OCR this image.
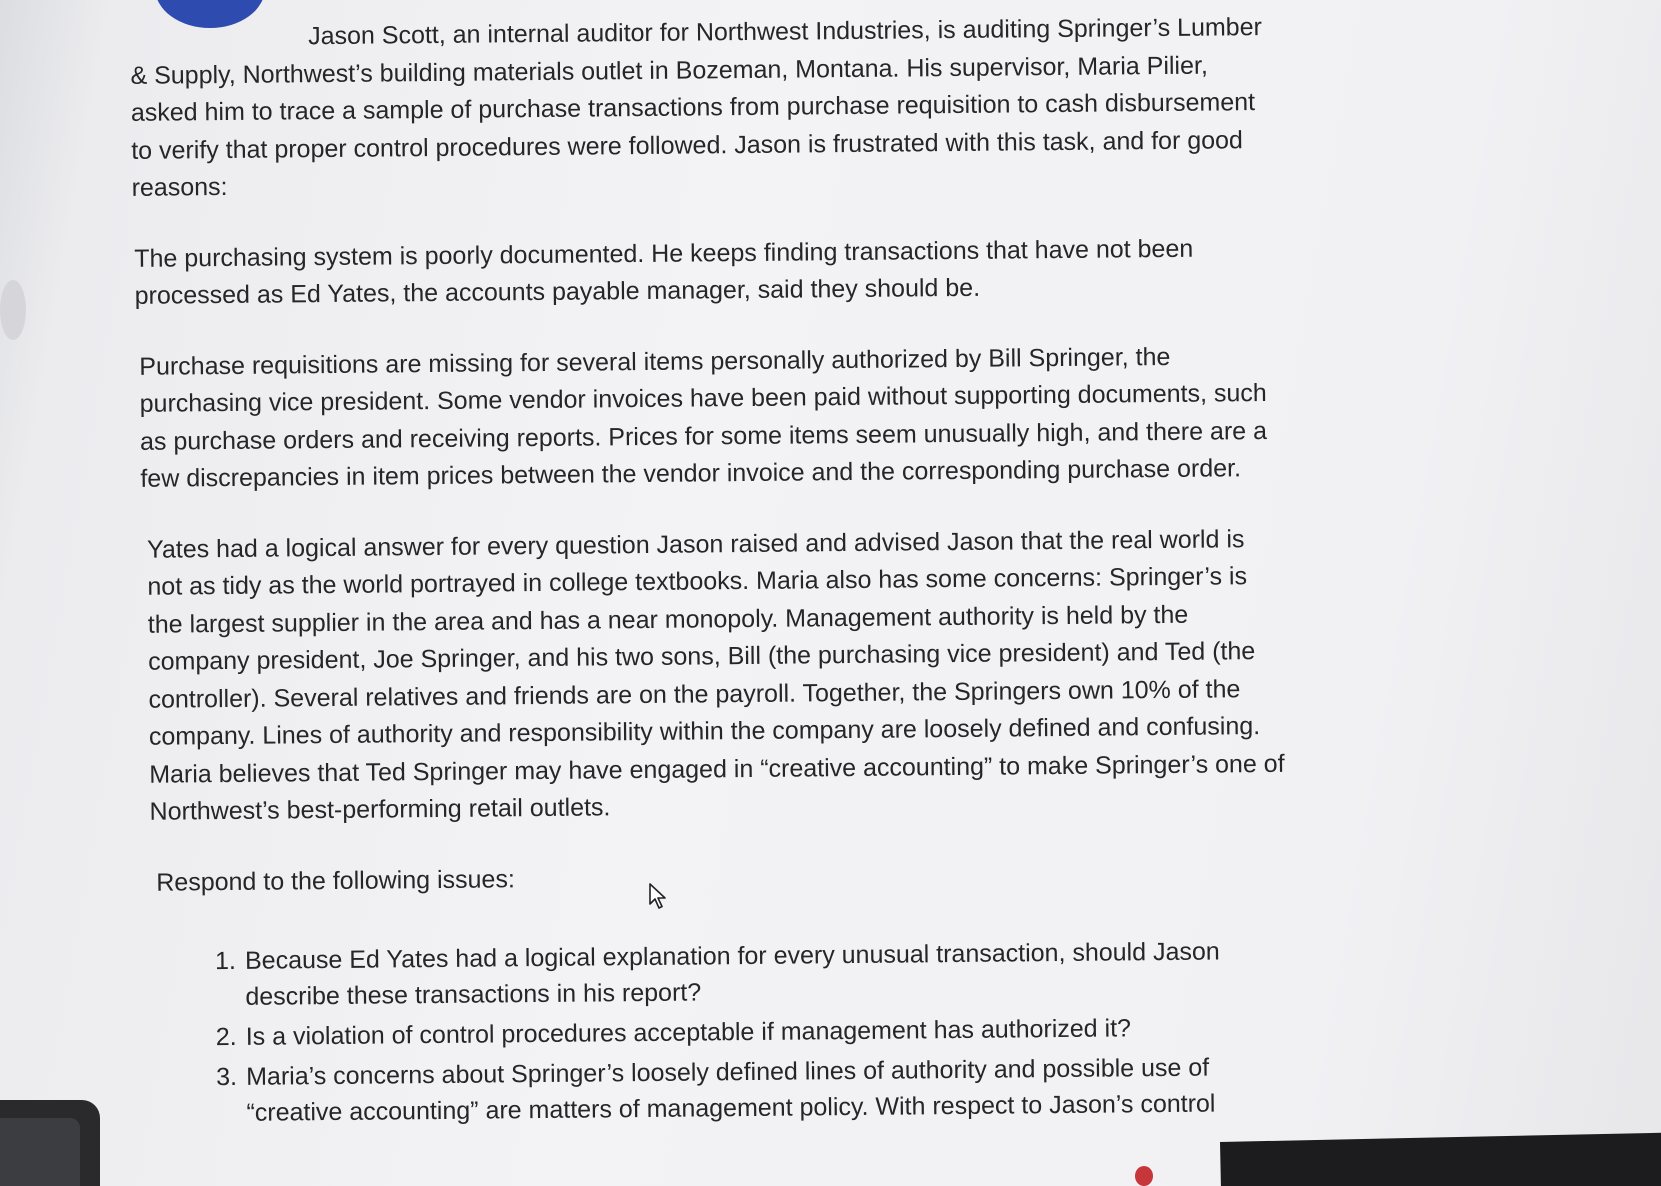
Jason Scott, an internal auditor for Northwest Industries, is auditing Springer’s Lumber & Supply, Northwest’s building materials outlet in Bozeman, Montana. His supervisor, Maria Pilier, asked him to trace a sample of purchase transactions from purchase requisition to cash disbursement to verify that proper control procedures were followed. Jason is frustrated with this task, and for good reasons:

The purchasing system is poorly documented. He keeps finding transactions that have not been processed as Ed Yates, the accounts payable manager, said they should be.

Purchase requisitions are missing for several items personally authorized by Bill Springer, the purchasing vice president. Some vendor invoices have been paid without supporting documents, such as purchase orders and receiving reports. Prices for some items seem unusually high, and there are a few discrepancies in item prices between the vendor invoice and the corresponding purchase order.

Yates had a logical answer for every question Jason raised and advised Jason that the real world is not as tidy as the world portrayed in college textbooks. Maria also has some concerns: Springer’s is the largest supplier in the area and has a near monopoly. Management authority is held by the company president, Joe Springer, and his two sons, Bill (the purchasing vice president) and Ted (the controller). Several relatives and friends are on the payroll. Together, the Springers own 10% of the company. Lines of authority and responsibility within the company are loosely defined and confusing. Maria believes that Ted Springer may have engaged in “creative accounting” to make Springer’s one of Northwest’s best-performing retail outlets.

Respond to the following issues:

1. Because Ed Yates had a logical explanation for every unusual transaction, should Jason describe these transactions in his report?
2. Is a violation of control procedures acceptable if management has authorized it?
3. Maria’s concerns about Springer’s loosely defined lines of authority and possible use of “creative accounting” are matters of management policy. With respect to Jason’s control
